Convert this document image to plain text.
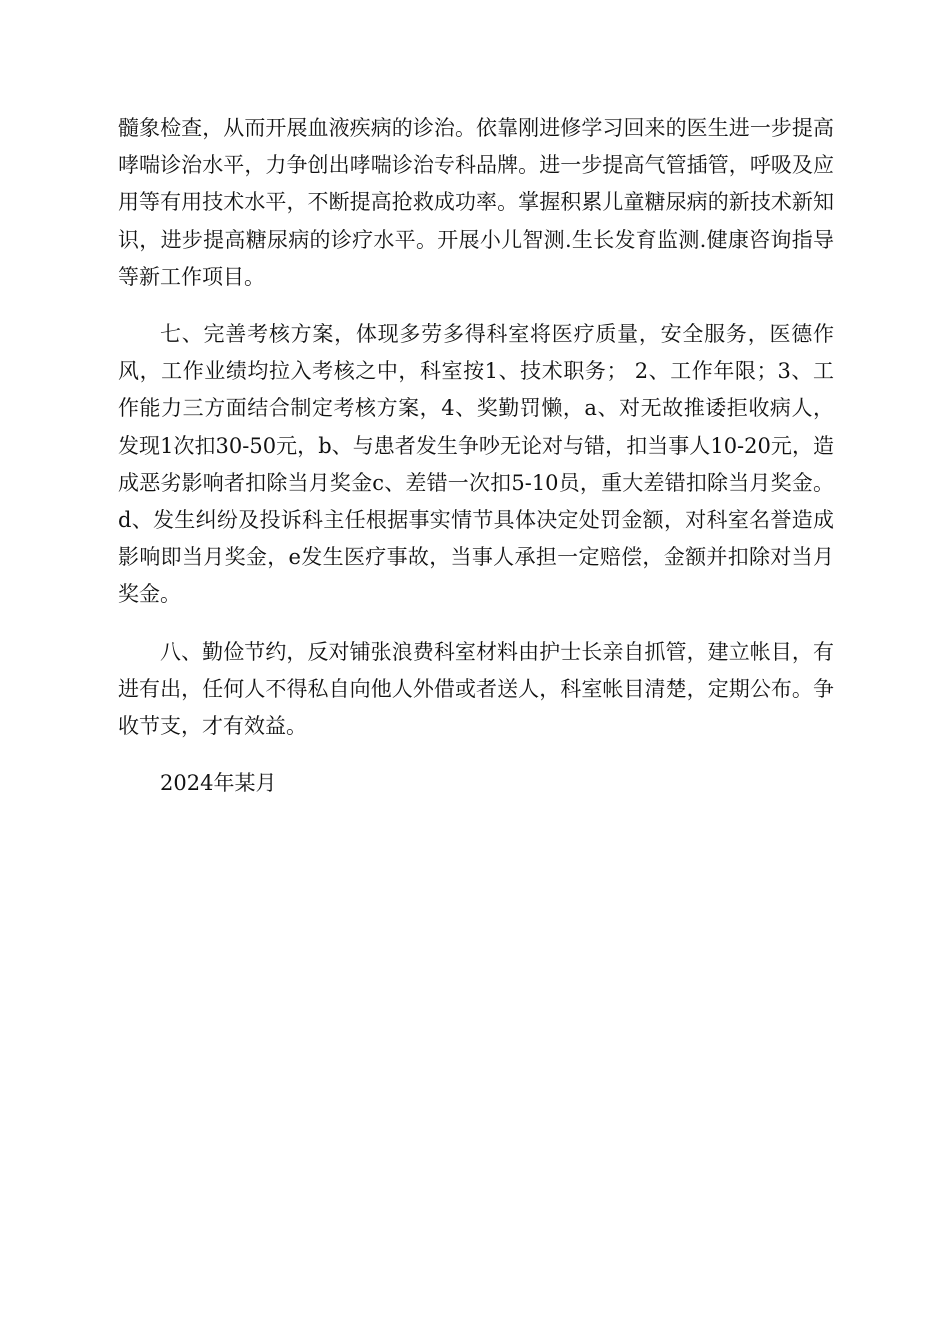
髓象检查，从而开展血液疾病的诊治。依靠刚进修学习回来的医生进一步提高哮喘诊治水平，力争创出哮喘诊治专科品牌。进一步提高气管插管，呼吸及应用等有用技术水平，不断提高抢救成功率。掌握积累儿童糖尿病的新技术新知识，进步提高糖尿病的诊疗水平。开展小儿智测.生长发育监测.健康咨询指导等新工作项目。

七、完善考核方案，体现多劳多得科室将医疗质量，安全服务，医德作风，工作业绩均拉入考核之中，科室按1、技术职务； 2、工作年限；3、工作能力三方面结合制定考核方案，4、奖勤罚懒，a、对无故推诿拒收病人，发现1次扣30-50元，b、与患者发生争吵无论对与错，扣当事人10-20元，造成恶劣影响者扣除当月奖金c、差错一次扣5-10员，重大差错扣除当月奖金。d、发生纠纷及投诉科主任根据事实情节具体决定处罚金额，对科室名誉造成影响即当月奖金，e发生医疗事故，当事人承担一定赔偿，金额并扣除对当月奖金。

八、勤俭节约，反对铺张浪费科室材料由护士长亲自抓管，建立帐目，有进有出，任何人不得私自向他人外借或者送人，科室帐目清楚，定期公布。争收节支，才有效益。

2024年某月
